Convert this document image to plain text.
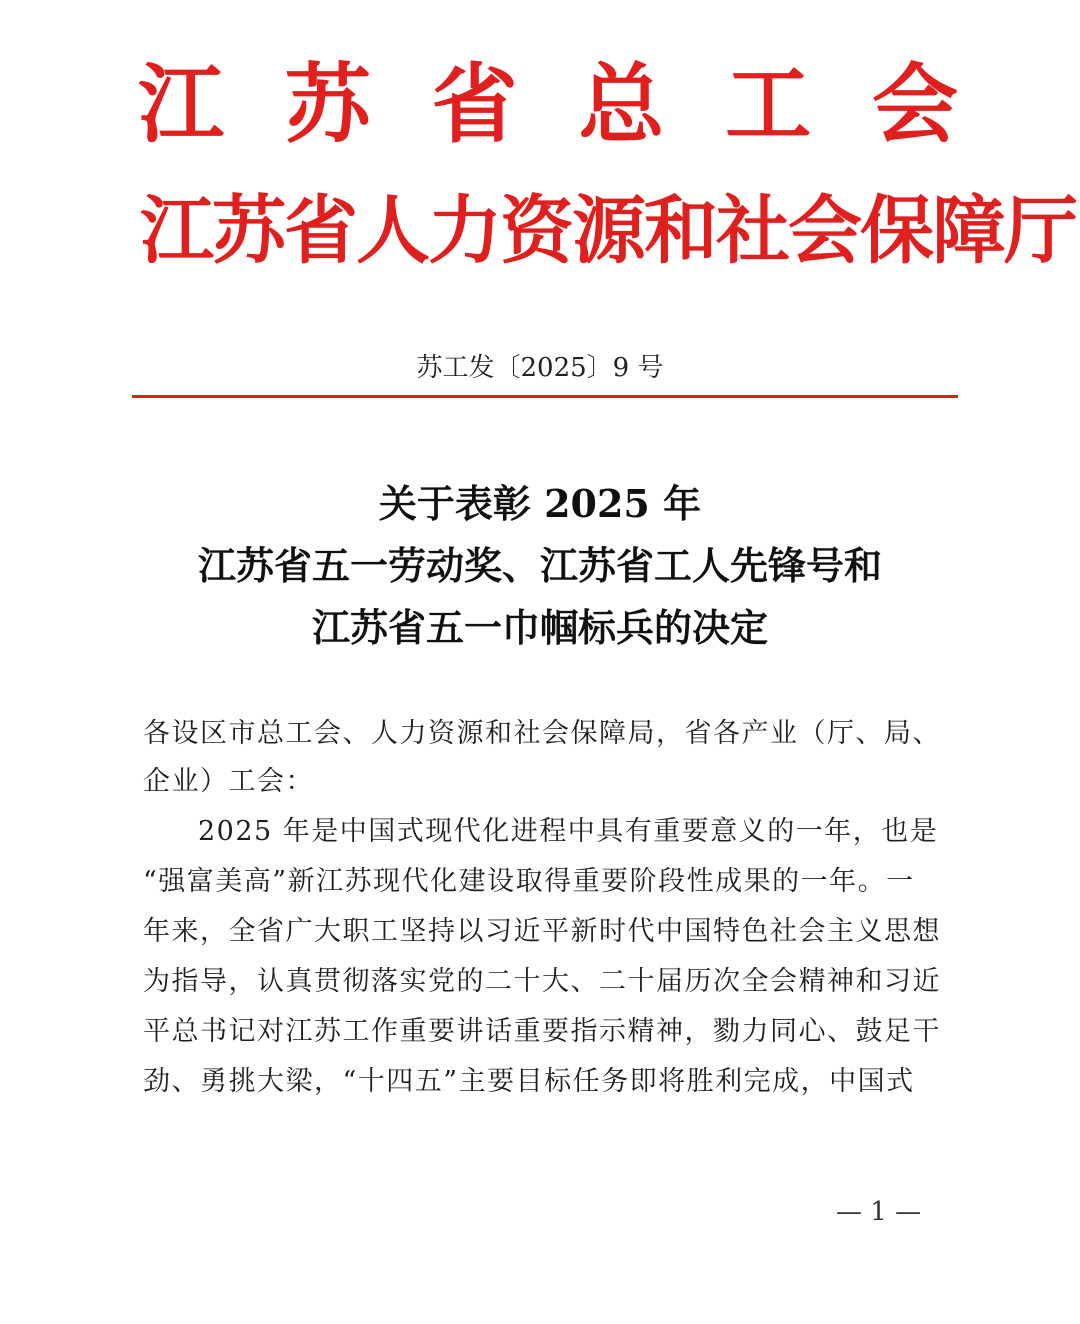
江 苏 省 总 工 会
江苏省人力资源和社会保障厅
苏工发〔2025〕9 号
关于表彰 2025 年
江苏省五一劳动奖、江苏省工人先锋号和
江苏省五一巾帼标兵的决定
各设区市总工会、人力资源和社会保障局，省各产业（厅、局、
企业）工会：
2025 年是中国式现代化进程中具有重要意义的一年，也是
“强富美高”新江苏现代化建设取得重要阶段性成果的一年。一
年来，全省广大职工坚持以习近平新时代中国特色社会主义思想
为指导，认真贯彻落实党的二十大、二十届历次全会精神和习近
平总书记对江苏工作重要讲话重要指示精神，勠力同心、鼓足干
劲、勇挑大梁，“十四五”主要目标任务即将胜利完成，中国式
— 1 —
